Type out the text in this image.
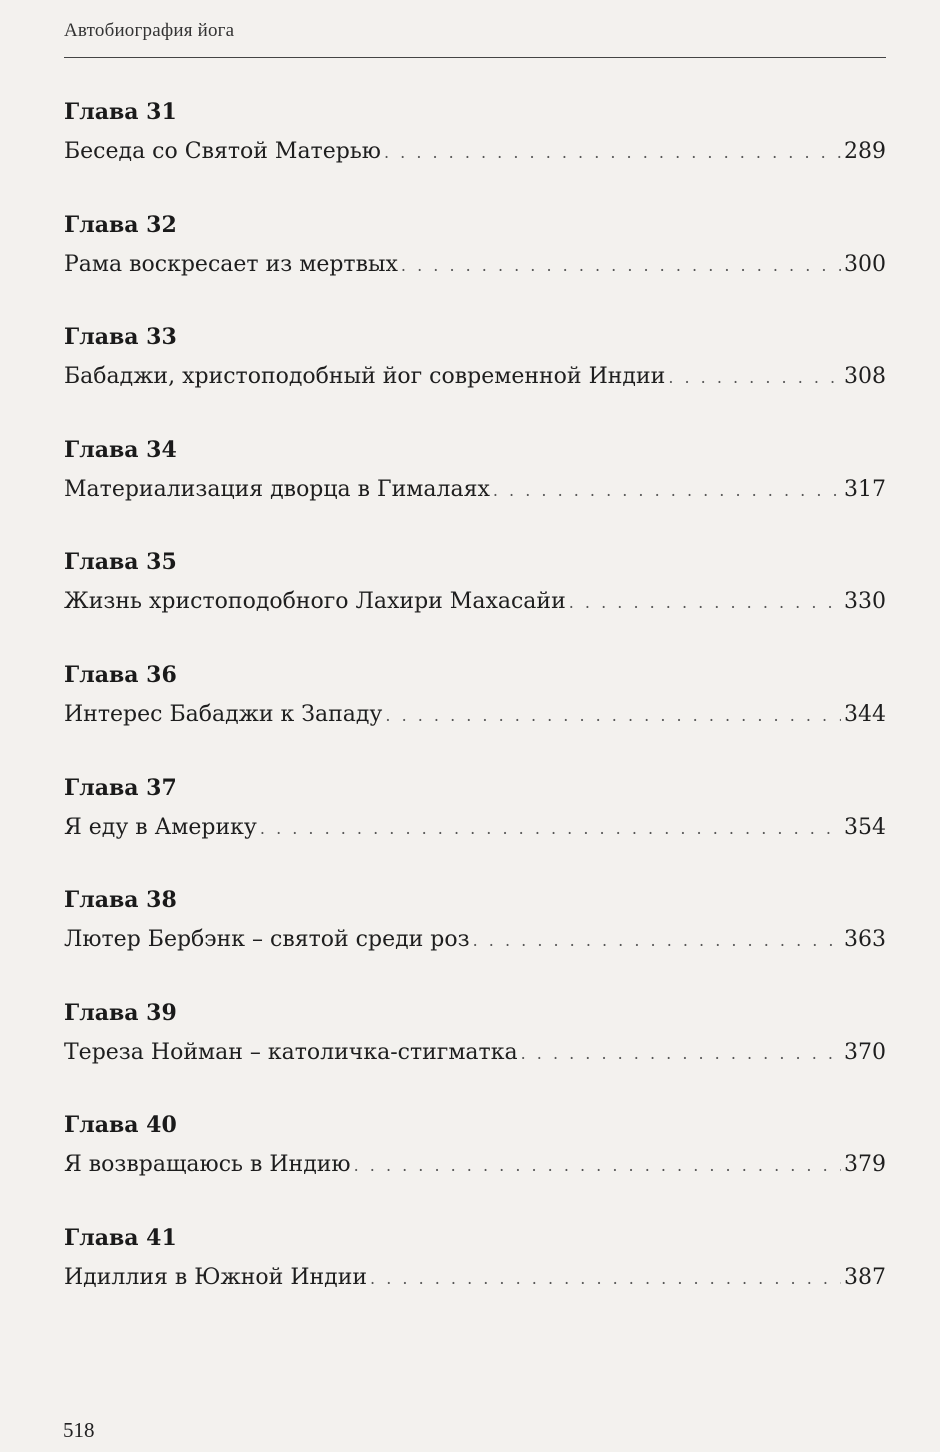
Автобиография йога
Глава 31
Беседа со Святой Матерью . . .	289
Глава 32
Рама воскресает из мертвых . . .	300
Глава 33
Бабаджи, христоподобный йог современной Индии . . .	308
Глава 34
Материализация дворца в Гималаях . . .	317
Глава 35
Жизнь христоподобного Лахири Махасайи . . .	330
Глава 36
Интерес Бабаджи к Западу . . .	344
Глава 37
Я еду в Америку . . .	354
Глава 38
Лютер Бербэнк – святой среди роз . . .	363
Глава 39
Тереза Нойман – католичка-стигматка . . .	370
Глава 40
Я возвращаюсь в Индию . . .	379
Глава 41
Идиллия в Южной Индии . . .	387
518
